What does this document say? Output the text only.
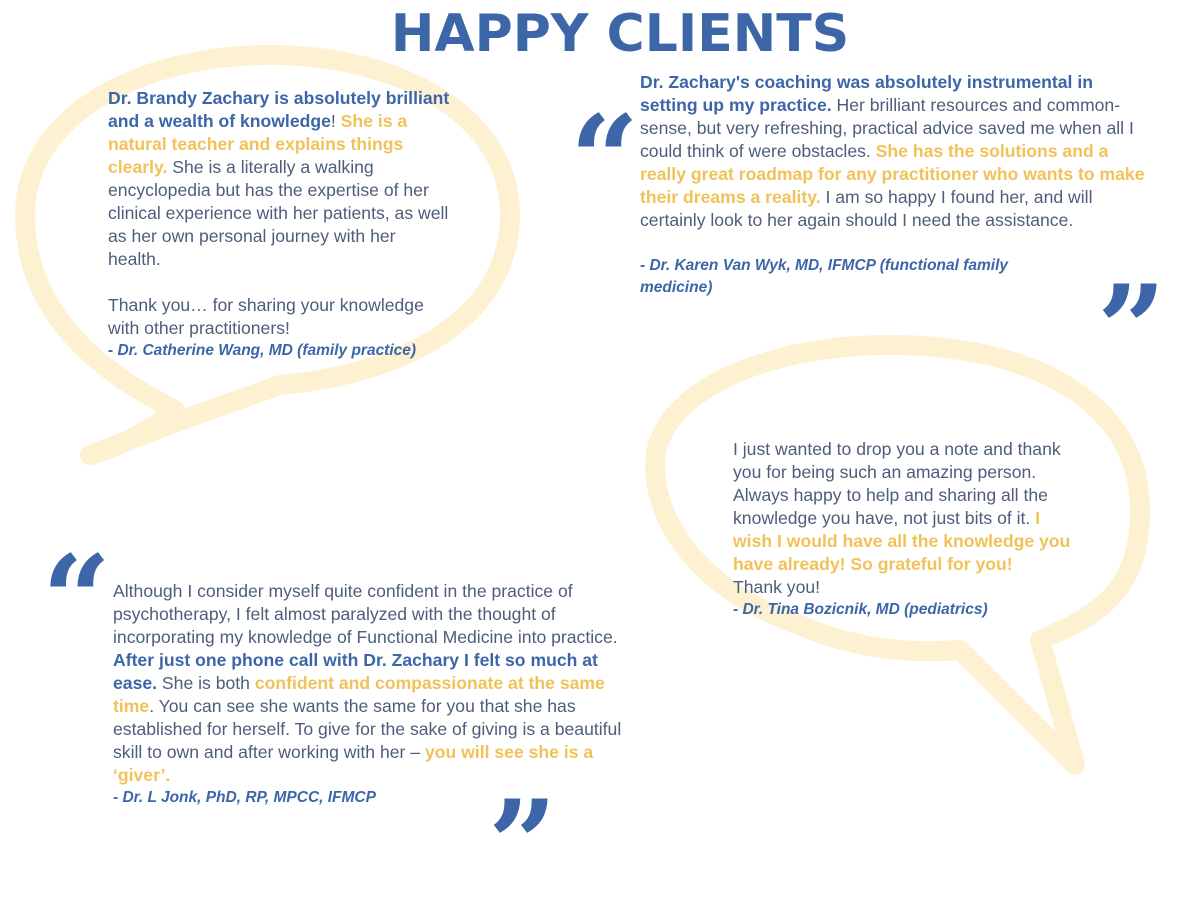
HAPPY CLIENTS

Dr. Brandy Zachary is absolutely brilliant and a wealth of knowledge! She is a natural teacher and explains things clearly. She is a literally a walking encyclopedia but has the expertise of her clinical experience with her patients, as well as her own personal journey with her health.

Thank you… for sharing your knowledge with other practitioners!

- Dr. Catherine Wang, MD (family practice)

“

Dr. Zachary's coaching was absolutely instrumental in setting up my practice. Her brilliant resources and common-sense, but very refreshing, practical advice saved me when all I could think of were obstacles. She has the solutions and a really great roadmap for any practitioner who wants to make their dreams a reality. I am so happy I found her, and will certainly look to her again should I need the assistance.

- Dr. Karen Van Wyk, MD, IFMCP (functional family medicine)	”
“ Although I consider myself quite confident in the practice of psychotherapy, I felt almost paralyzed with the thought of incorporating my knowledge of Functional Medicine into practice. After just one phone call with Dr. Zachary I felt so much at ease. She is both confident and compassionate at the same time. You can see she wants the same for you that she has established for herself. To give for the sake of giving is a beautiful skill to own and after working with her – you will see she is a ‘giver’.

- Dr. L Jonk, PhD, RP, MPCC, IFMCP ”

I just wanted to drop you a note and thank you for being such an amazing person. Always happy to help and sharing all the knowledge you have, not just bits of it. I wish I would have all the knowledge you have already! So grateful for you!

Thank you!

- Dr. Tina Bozicnik, MD (pediatrics)
